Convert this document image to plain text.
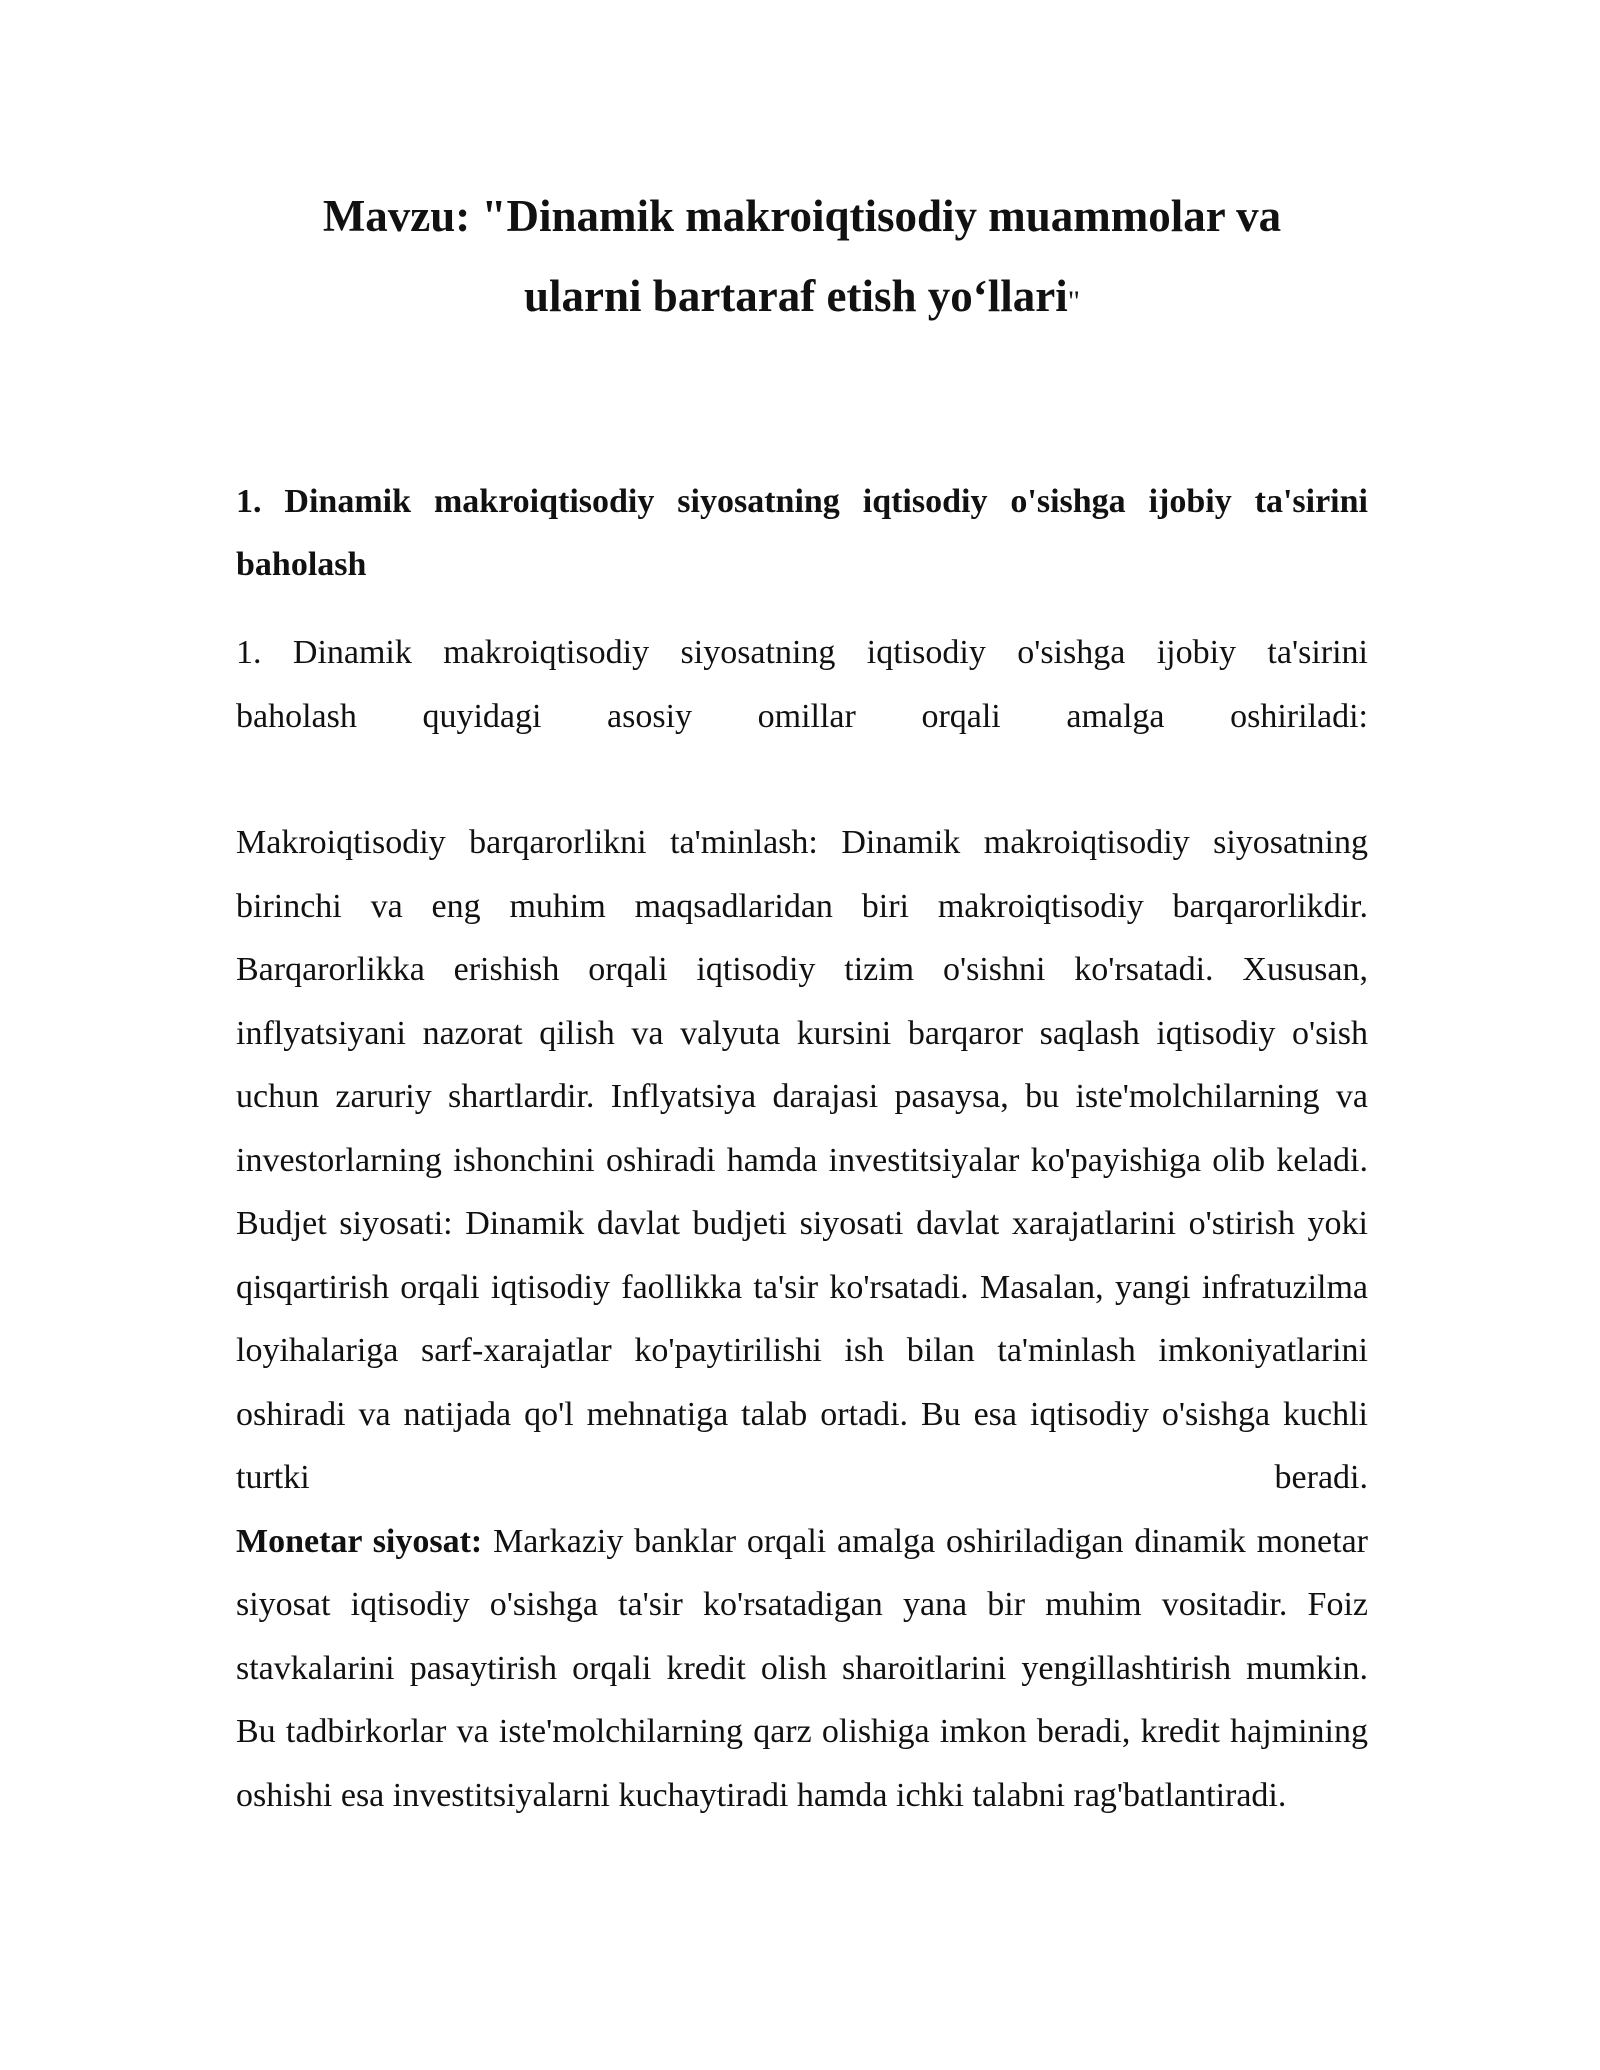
Mavzu: "Dinamik makroiqtisodiy muammolar va
ularni bartaraf etish yo‘llari"
1. Dinamik makroiqtisodiy siyosatning iqtisodiy o'sishga ijobiy ta'sirini baholash

1. Dinamik makroiqtisodiy siyosatning iqtisodiy o'sishga ijobiy ta'sirini

baholash quyidagi asosiy omillar orqali amalga oshiriladi:

Makroiqtisodiy barqarorlikni ta'minlash: Dinamik makroiqtisodiy siyosatning birinchi va eng muhim maqsadlaridan biri makroiqtisodiy barqarorlikdir. Barqarorlikka erishish orqali iqtisodiy tizim o'sishni ko'rsatadi. Xususan, inflyatsiyani nazorat qilish va valyuta kursini barqaror saqlash iqtisodiy o'sish uchun zaruriy shartlardir. Inflyatsiya darajasi pasaysa, bu iste'molchilarning va investorlarning ishonchini oshiradi hamda investitsiyalar ko'payishiga olib keladi. Budjet siyosati: Dinamik davlat budjeti siyosati davlat xarajatlarini o'stirish yoki qisqartirish orqali iqtisodiy faollikka ta'sir ko'rsatadi. Masalan, yangi infratuzilma loyihalariga sarf-xarajatlar ko'paytirilishi ish bilan ta'minlash imkoniyatlarini oshiradi va natijada qo'l mehnatiga talab ortadi. Bu esa iqtisodiy o'sishga kuchli turtki beradi.

Monetar siyosat: Markaziy banklar orqali amalga oshiriladigan dinamik monetar siyosat iqtisodiy o'sishga ta'sir ko'rsatadigan yana bir muhim vositadir. Foiz stavkalarini pasaytirish orqali kredit olish sharoitlarini yengillashtirish mumkin. Bu tadbirkorlar va iste'molchilarning qarz olishiga imkon beradi, kredit hajmining oshishi esa investitsiyalarni kuchaytiradi hamda ichki talabni rag'batlantiradi.
